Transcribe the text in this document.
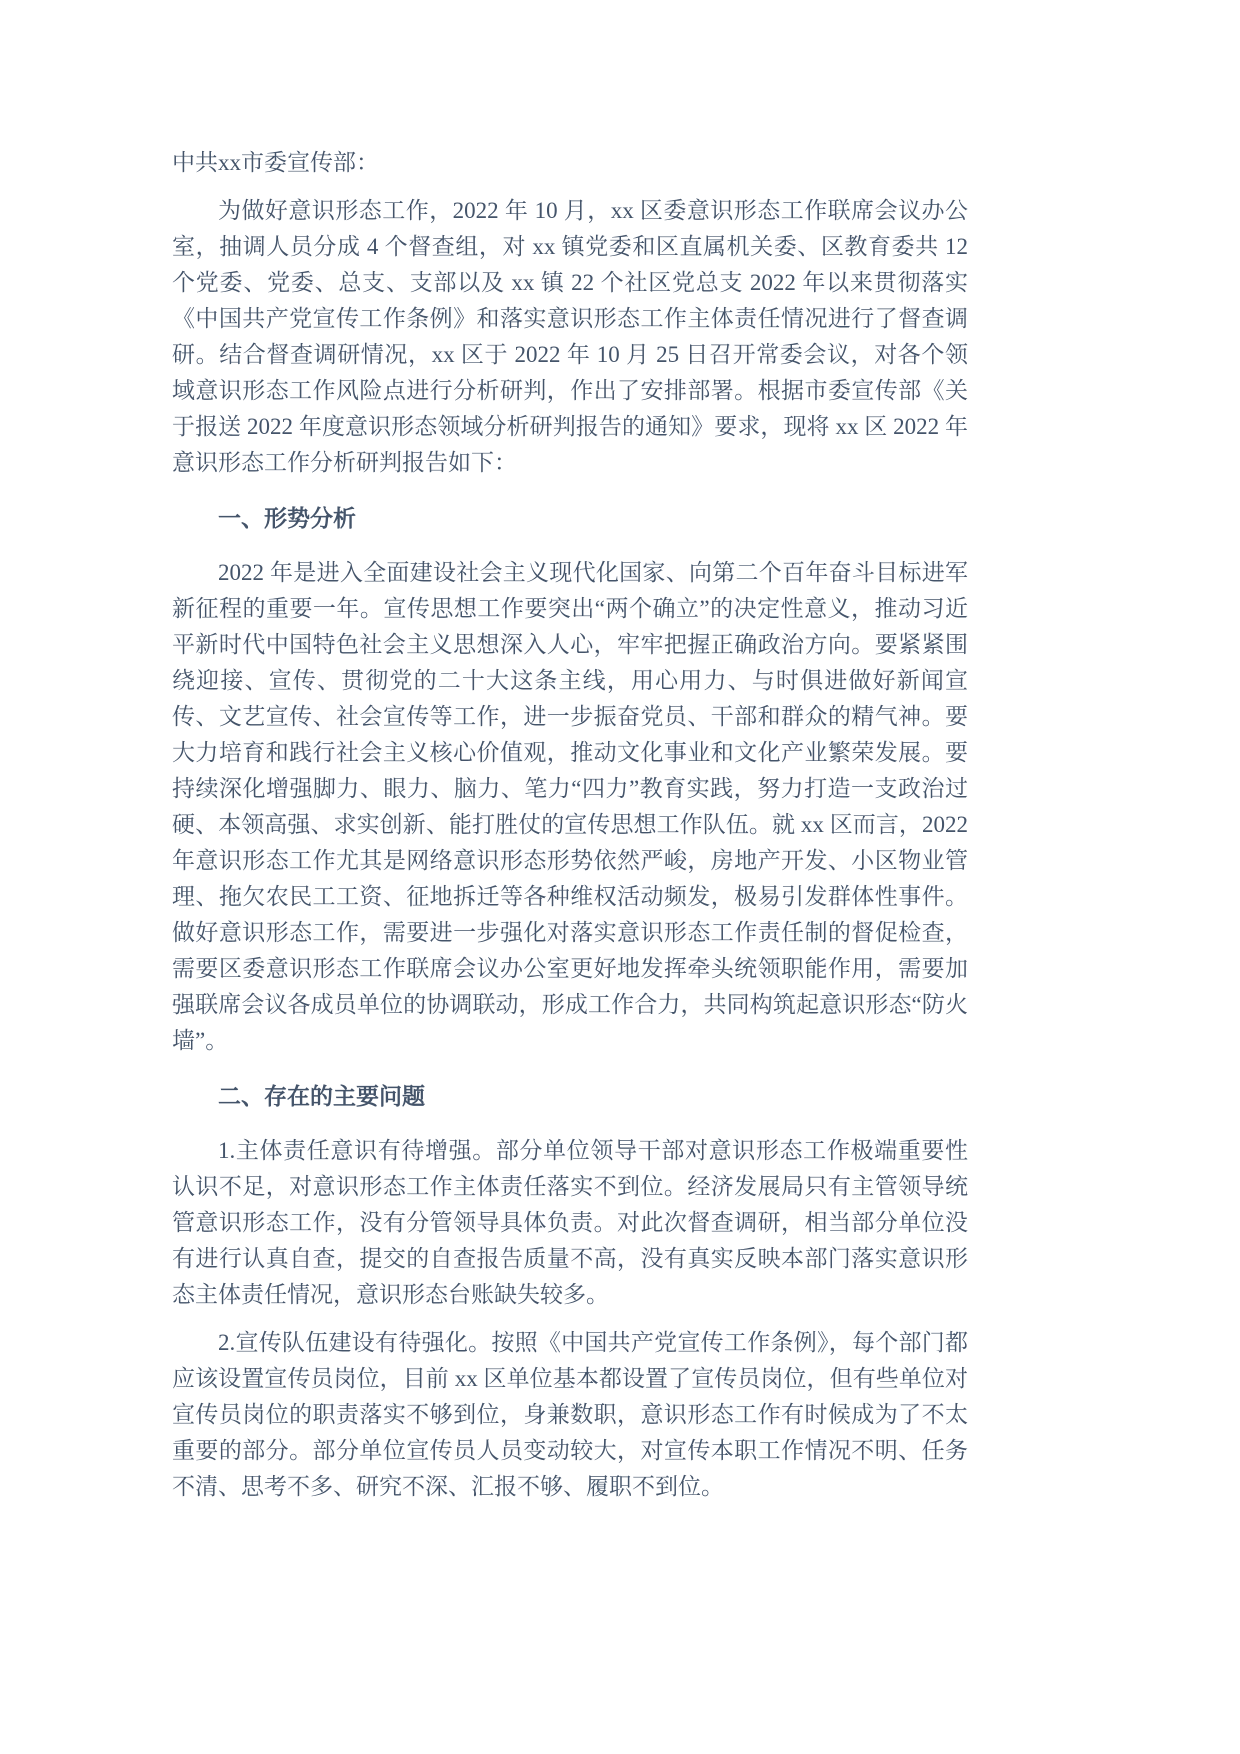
中共xx市委宣传部：

为做好意识形态工作，2022 年 10 月，xx 区委意识形态工作联席会议办公室，抽调人员分成 4 个督查组，对 xx 镇党委和区直属机关委、区教育委共 12 个党委、党委、总支、支部以及 xx 镇 22 个社区党总支 2022 年以来贯彻落实《中国共产党宣传工作条例》和落实意识形态工作主体责任情况进行了督查调研。结合督查调研情况，xx 区于 2022 年 10 月 25 日召开常委会议，对各个领域意识形态工作风险点进行分析研判，作出了安排部署。根据市委宣传部《关于报送 2022 年度意识形态领域分析研判报告的通知》要求，现将 xx 区 2022 年意识形态工作分析研判报告如下：

一、形势分析

2022 年是进入全面建设社会主义现代化国家、向第二个百年奋斗目标进军新征程的重要一年。宣传思想工作要突出“两个确立”的决定性意义，推动习近平新时代中国特色社会主义思想深入人心，牢牢把握正确政治方向。要紧紧围绕迎接、宣传、贯彻党的二十大这条主线，用心用力、与时俱进做好新闻宣传、文艺宣传、社会宣传等工作，进一步振奋党员、干部和群众的精气神。要大力培育和践行社会主义核心价值观，推动文化事业和文化产业繁荣发展。要持续深化增强脚力、眼力、脑力、笔力“四力”教育实践，努力打造一支政治过硬、本领高强、求实创新、能打胜仗的宣传思想工作队伍。就 xx 区而言，2022 年意识形态工作尤其是网络意识形态形势依然严峻，房地产开发、小区物业管理、拖欠农民工工资、征地拆迁等各种维权活动频发，极易引发群体性事件。做好意识形态工作，需要进一步强化对落实意识形态工作责任制的督促检查，需要区委意识形态工作联席会议办公室更好地发挥牵头统领职能作用，需要加强联席会议各成员单位的协调联动，形成工作合力，共同构筑起意识形态“防火墙”。

二、存在的主要问题

1.主体责任意识有待增强。部分单位领导干部对意识形态工作极端重要性认识不足，对意识形态工作主体责任落实不到位。经济发展局只有主管领导统管意识形态工作，没有分管领导具体负责。对此次督查调研，相当部分单位没有进行认真自查，提交的自查报告质量不高，没有真实反映本部门落实意识形态主体责任情况，意识形态台账缺失较多。

2.宣传队伍建设有待强化。按照《中国共产党宣传工作条例》，每个部门都应该设置宣传员岗位，目前 xx 区单位基本都设置了宣传员岗位，但有些单位对宣传员岗位的职责落实不够到位，身兼数职，意识形态工作有时候成为了不太重要的部分。部分单位宣传员人员变动较大，对宣传本职工作情况不明、任务不清、思考不多、研究不深、汇报不够、履职不到位。
